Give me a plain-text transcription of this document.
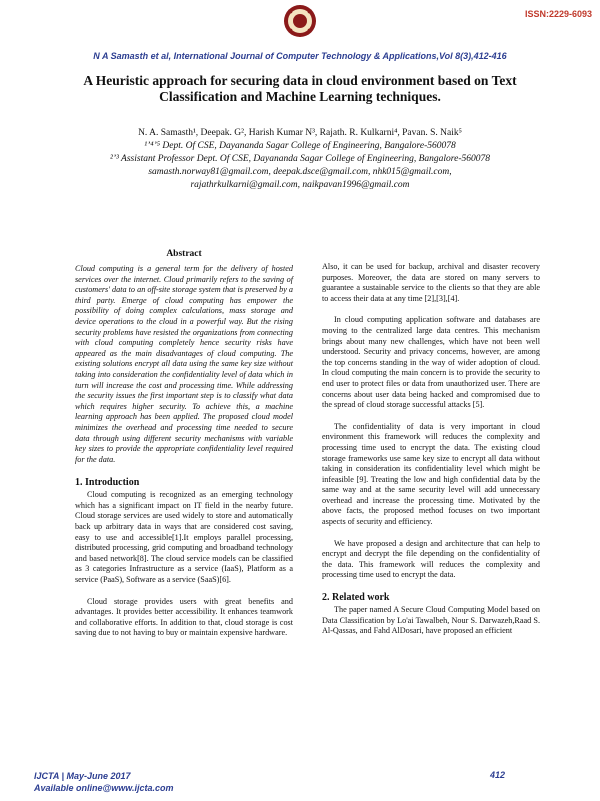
ISSN:2229-6093
N A Samasth et al, International Journal of Computer Technology & Applications,Vol 8(3),412-416
A Heuristic approach for securing data in cloud environment based on Text Classification and Machine Learning techniques.
N. A. Samasth¹, Deepak. G², Harish Kumar N³, Rajath. R. Kulkarni⁴, Pavan. S. Naik⁵
¹ʼ⁴ʼ⁵ Dept. Of CSE, Dayananda Sagar College of Engineering, Bangalore-560078
²ʼ³ Assistant Professor Dept. Of CSE, Dayananda Sagar College of Engineering, Bangalore-560078
samasth.norway81@gmail.com, deepak.dsce@gmail.com, nhk015@gmail.com,
rajathrkulkarni@gmail.com, naikpavan1996@gmail.com
Abstract
Cloud computing is a general term for the delivery of hosted services over the internet. Cloud primarily refers to the saving of customers' data to an off-site storage system that is preserved by a third party. Emerge of cloud computing has empower the possibility of doing complex calculations, mass storage and device operations to the cloud in a powerful way. But the rising security problems have resisted the organizations from connecting with cloud computing completely hence security risks have appeared as the main disadvantages of cloud computing. The existing solutions encrypt all data using the same key size without taking into consideration the confidentiality level of data which in turn will increase the cost and processing time. While addressing the security issues the first important step is to classify what data which requires higher security. To achieve this, a machine learning approach has been applied. The proposed cloud model minimizes the overhead and processing time needed to secure data through using different security mechanisms with variable key sizes to provide the appropriate confidentiality level required for the data.
1. Introduction
Cloud computing is recognized as an emerging technology which has a significant impact on IT field in the nearby future. Cloud storage services are used widely to store and automatically back up arbitrary data in ways that are considered cost saving, easy to use and accessible[1].It employs parallel processing, distributed processing, grid computing and broadband technology and based network[8]. The cloud service models can be classified as 3 categories Infrastructure as a service (IaaS), Platform as a service (PaaS), Software as a service (SaaS)[6].
Cloud storage provides users with great benefits and advantages. It provides better accessibility. It enhances teamwork and collaborative efforts. In addition to that, cloud storage is cost saving due to not having to buy or maintain expensive hardware.
Also, it can be used for backup, archival and disaster recovery purposes. Moreover, the data are stored on many servers to guarantee a sustainable service to the clients so that they are able to access their data at any time [2],[3],[4].
In cloud computing application software and databases are moving to the centralized large data centres. This mechanism brings about many new challenges, which have not been well understood. Security and privacy concerns, however, are among the top concerns standing in the way of wider adoption of cloud. In cloud computing the main concern is to provide the security to end user to protect files or data from unauthorized user. There are concerns about user data being hacked and compromised due to the spread of cloud storage successful attacks [5].
The confidentiality of data is very important in cloud environment this framework will reduces the complexity and processing time used to encrypt the data. The existing cloud storage frameworks use same key size to encrypt all data without taking in consideration its confidentiality level which might be infeasible [9]. Treating the low and high confidential data by the same way and at the same security level will add unnecessary overhead and increase the processing time. Motivated by the above facts, the proposed method focuses on two important aspects of security and efficiency.
We have proposed a design and architecture that can help to encrypt and decrypt the file depending on the confidentiality of the data. This framework will reduces the complexity and processing time used to encrypt the data.
2. Related work
The paper named A Secure Cloud Computing Model based on Data Classification by Lo'ai Tawalbeh, Nour S. Darwazeh,Raad S. Al-Qassas, and Fahd AlDosari, have proposed an efficient
IJCTA | May-June 2017
Available online@www.ijcta.com
412
